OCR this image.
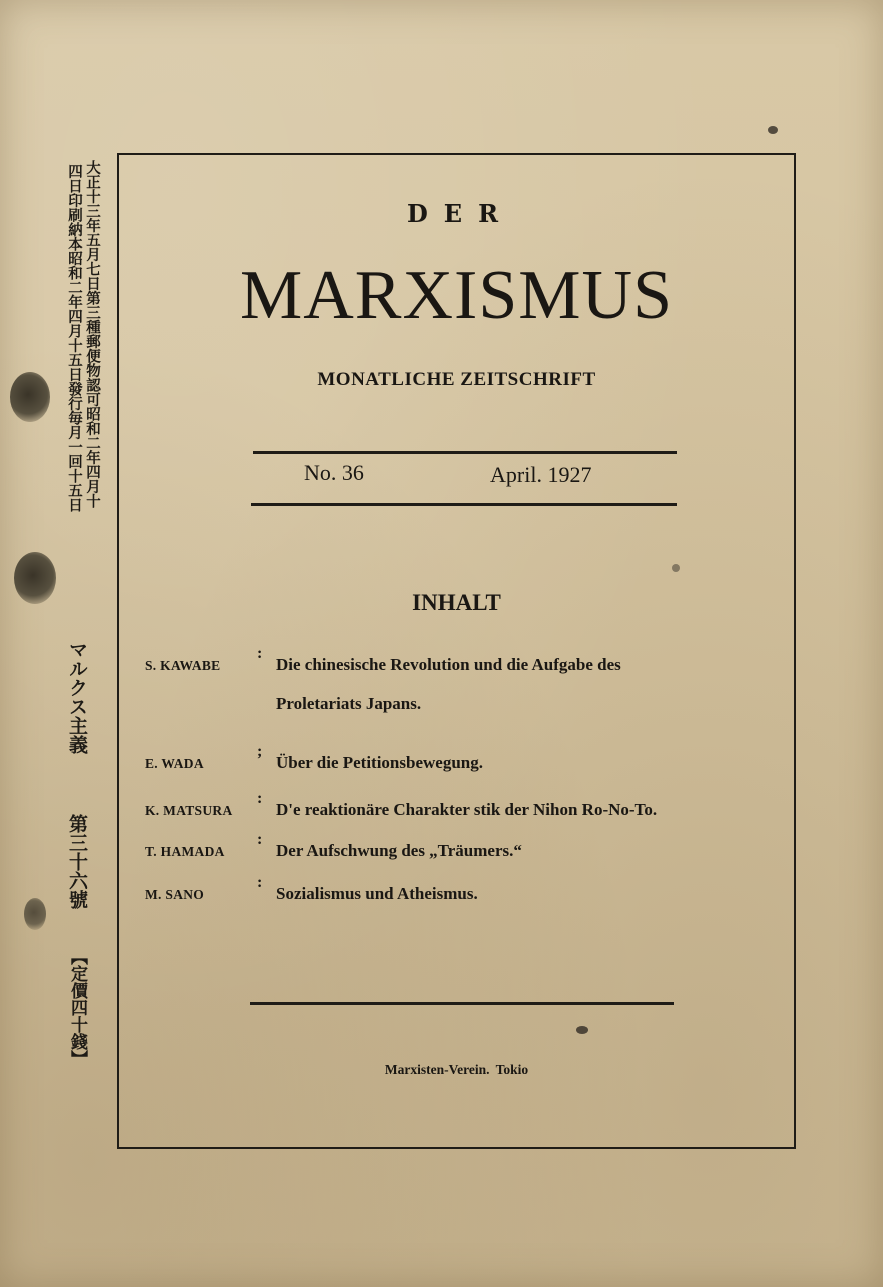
大正十三年五月七日第三種郵便物認可昭和二年四月十
四日印刷納本昭和二年四月十五日發行毎月一回十五日
マルクス主義
第三十六號
【定價四十錢】
DER
MARXISMUS
MONATLICHE ZEITSCHRIFT
No. 36	April. 1927
INHALT
S. KAWABE
:
Die chinesische Revolution und die Aufgabe des
Proletariats Japans.
E. WADA
;
Über die Petitionsbewegung.
K. MATSURA
:
D'e reaktionäre Charakter stik der Nihon Ro-No-To.
T. HAMADA
:
Der Aufschwung des „Träumers.“
M. SANO
:
Sozialismus und Atheismus.
Marxisten-Verein. Tokio
